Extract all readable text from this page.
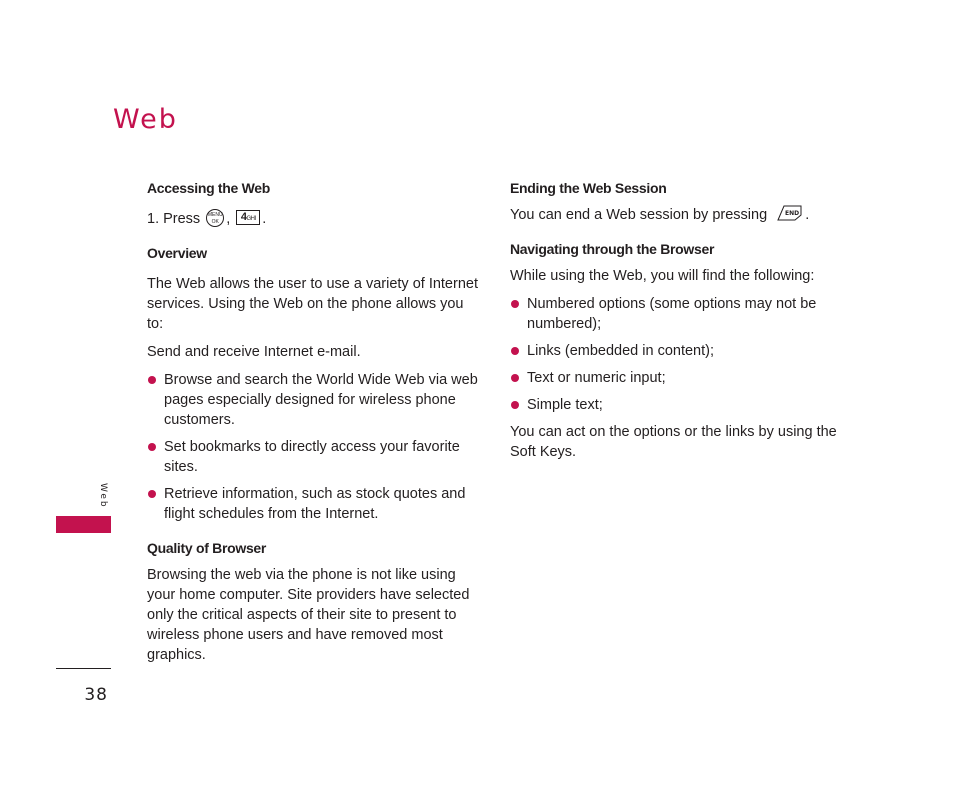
Web
Accessing the Web

1. Press MENU OK , 4GHI .

Overview

The Web allows the user to use a variety of Internet services. Using the Web on the phone allows you to:

Send and receive Internet e-mail.

Browse and search the World Wide Web via web pages especially designed for wireless phone customers.
Set bookmarks to directly access your favorite sites.
Retrieve information, such as stock quotes and flight schedules from the Internet.
Quality of Browser

Browsing the web via the phone is not like using your home computer. Site providers have selected only the critical aspects of their site to present to wireless phone users and have removed most graphics.

Ending the Web Session

You can end a Web session by pressing	END .

Navigating through the Browser

While using the Web, you will find the following:

Numbered options (some options may not be numbered);
Links (embedded in content);
Text or numeric input;
Simple text;

You can act on the options or the links by using the Soft Keys.

Web
38
